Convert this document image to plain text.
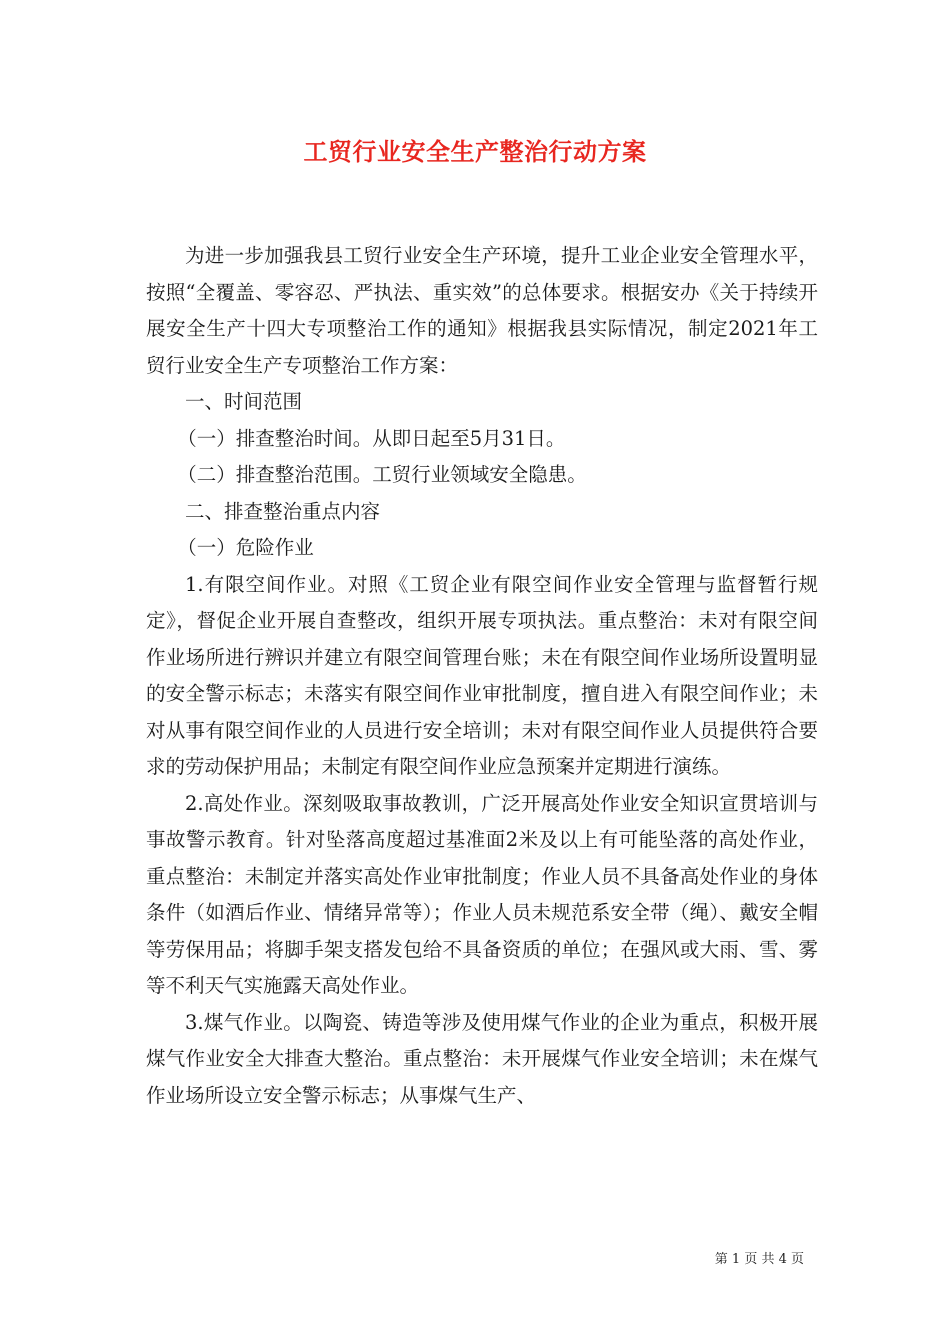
工贸行业安全生产整治行动方案

为进一步加强我县工贸行业安全生产环境，提升工业企业安全管理水平，按照“全覆盖、零容忍、严执法、重实效”的总体要求。根据安办《关于持续开展安全生产十四大专项整治工作的通知》根据我县实际情况，制定2021年工贸行业安全生产专项整治工作方案：

一、时间范围

（一）排查整治时间。从即日起至5月31日。

（二）排查整治范围。工贸行业领域安全隐患。

二、排查整治重点内容

（一）危险作业

1.有限空间作业。对照《工贸企业有限空间作业安全管理与监督暂行规定》，督促企业开展自查整改，组织开展专项执法。重点整治：未对有限空间作业场所进行辨识并建立有限空间管理台账；未在有限空间作业场所设置明显的安全警示标志；未落实有限空间作业审批制度，擅自进入有限空间作业；未对从事有限空间作业的人员进行安全培训；未对有限空间作业人员提供符合要求的劳动保护用品；未制定有限空间作业应急预案并定期进行演练。

2.高处作业。深刻吸取事故教训，广泛开展高处作业安全知识宣贯培训与事故警示教育。针对坠落高度超过基准面2米及以上有可能坠落的高处作业，重点整治：未制定并落实高处作业审批制度；作业人员不具备高处作业的身体条件（如酒后作业、情绪异常等）；作业人员未规范系安全带（绳）、戴安全帽等劳保用品；将脚手架支搭发包给不具备资质的单位；在强风或大雨、雪、雾等不利天气实施露天高处作业。

3.煤气作业。以陶瓷、铸造等涉及使用煤气作业的企业为重点，积极开展煤气作业安全大排查大整治。重点整治：未开展煤气作业安全培训；未在煤气作业场所设立安全警示标志；从事煤气生产、

第 1 页 共 4 页
